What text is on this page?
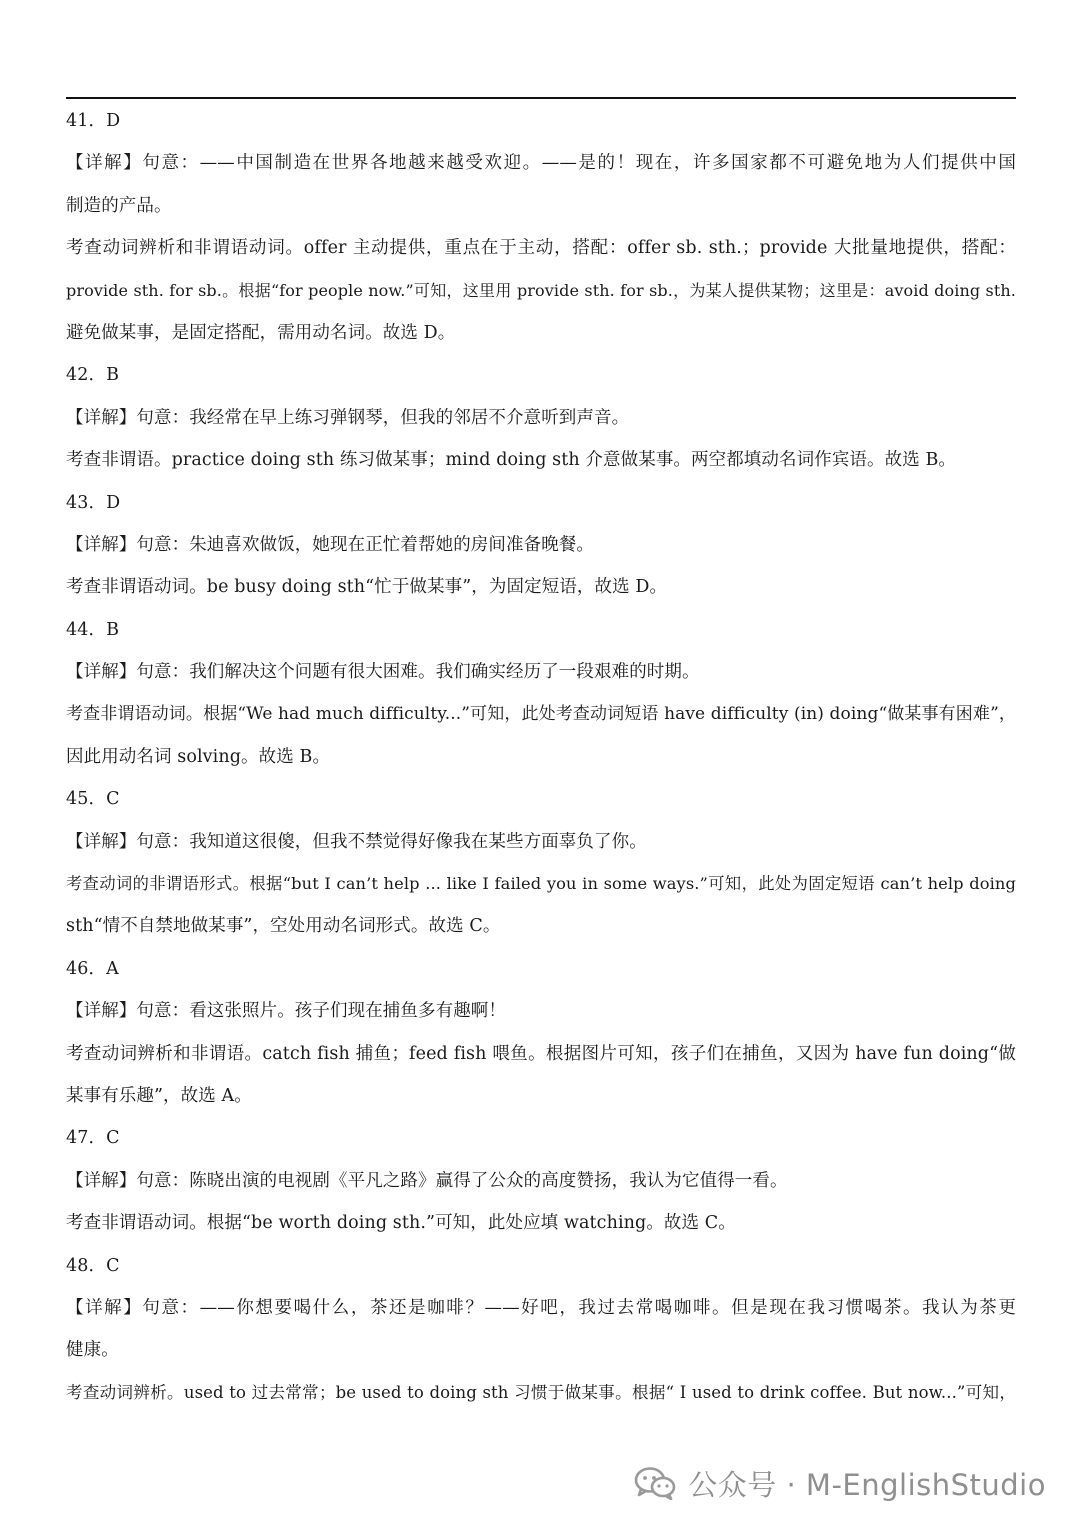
41．D
【详解】句意：——中国制造在世界各地越来越受欢迎。——是的！现在，许多国家都不可避免地为人们提供中国
制造的产品。
考查动词辨析和非谓语动词。offer 主动提供，重点在于主动，搭配：offer sb. sth.；provide 大批量地提供，搭配：
provide sth. for sb.。根据“for people now.”可知，这里用 provide sth. for sb.，为某人提供某物；这里是：avoid doing sth.
避免做某事，是固定搭配，需用动名词。故选 D。
42．B
【详解】句意：我经常在早上练习弹钢琴，但我的邻居不介意听到声音。
考查非谓语。practice doing sth 练习做某事；mind doing sth 介意做某事。两空都填动名词作宾语。故选 B。
43．D
【详解】句意：朱迪喜欢做饭，她现在正忙着帮她的房间准备晚餐。
考查非谓语动词。be busy doing sth“忙于做某事”，为固定短语，故选 D。
44．B
【详解】句意：我们解决这个问题有很大困难。我们确实经历了一段艰难的时期。
考查非谓语动词。根据“We had much difficulty...”可知，此处考查动词短语 have difficulty (in) doing“做某事有困难”，
因此用动名词 solving。故选 B。
45．C
【详解】句意：我知道这很傻，但我不禁觉得好像我在某些方面辜负了你。
考查动词的非谓语形式。根据“but I can’t help ... like I failed you in some ways.”可知，此处为固定短语 can’t help doing
sth“情不自禁地做某事”，空处用动名词形式。故选 C。
46．A
【详解】句意：看这张照片。孩子们现在捕鱼多有趣啊！
考查动词辨析和非谓语。catch fish 捕鱼；feed fish 喂鱼。根据图片可知，孩子们在捕鱼，又因为 have fun doing“做
某事有乐趣”，故选 A。
47．C
【详解】句意：陈晓出演的电视剧《平凡之路》赢得了公众的高度赞扬，我认为它值得一看。
考查非谓语动词。根据“be worth doing sth.”可知，此处应填 watching。故选 C。
48．C
【详解】句意：——你想要喝什么，茶还是咖啡？——好吧，我过去常喝咖啡。但是现在我习惯喝茶。我认为茶更
健康。
考查动词辨析。used to 过去常常；be used to doing sth 习惯于做某事。根据“ I used to drink coffee. But now...”可知，
公众号 · M-EnglishStudio
